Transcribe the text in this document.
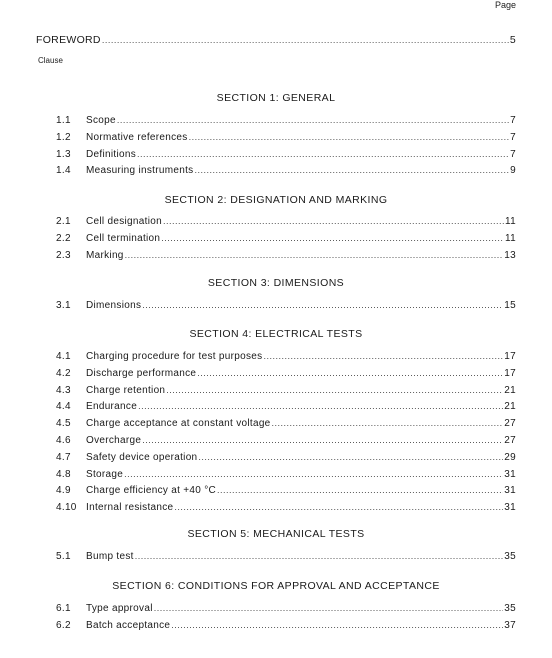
Page
FOREWORD .....	5
Clause
SECTION 1: GENERAL
1.1	Scope .....	7
1.2	Normative references .....	7
1.3	Definitions .....	7
1.4	Measuring instruments .....	9
SECTION 2: DESIGNATION AND MARKING
2.1	Cell designation .....	11
2.2	Cell termination .....	11
2.3	Marking .....	13
SECTION 3: DIMENSIONS
3.1	Dimensions .....	15
SECTION 4: ELECTRICAL TESTS
4.1	Charging procedure for test purposes .....	17
4.2	Discharge performance .....	17
4.3	Charge retention .....	21
4.4	Endurance .....	21
4.5	Charge acceptance at constant voltage .....	27
4.6	Overcharge .....	27
4.7	Safety device operation .....	29
4.8	Storage .....	31
4.9	Charge efficiency at +40 °C .....	31
4.10 Internal resistance .....	31
SECTION 5: MECHANICAL TESTS
5.1	Bump test .....	35
SECTION 6: CONDITIONS FOR APPROVAL AND ACCEPTANCE
6.1	Type approval .....	35
6.2	Batch acceptance .....	37
